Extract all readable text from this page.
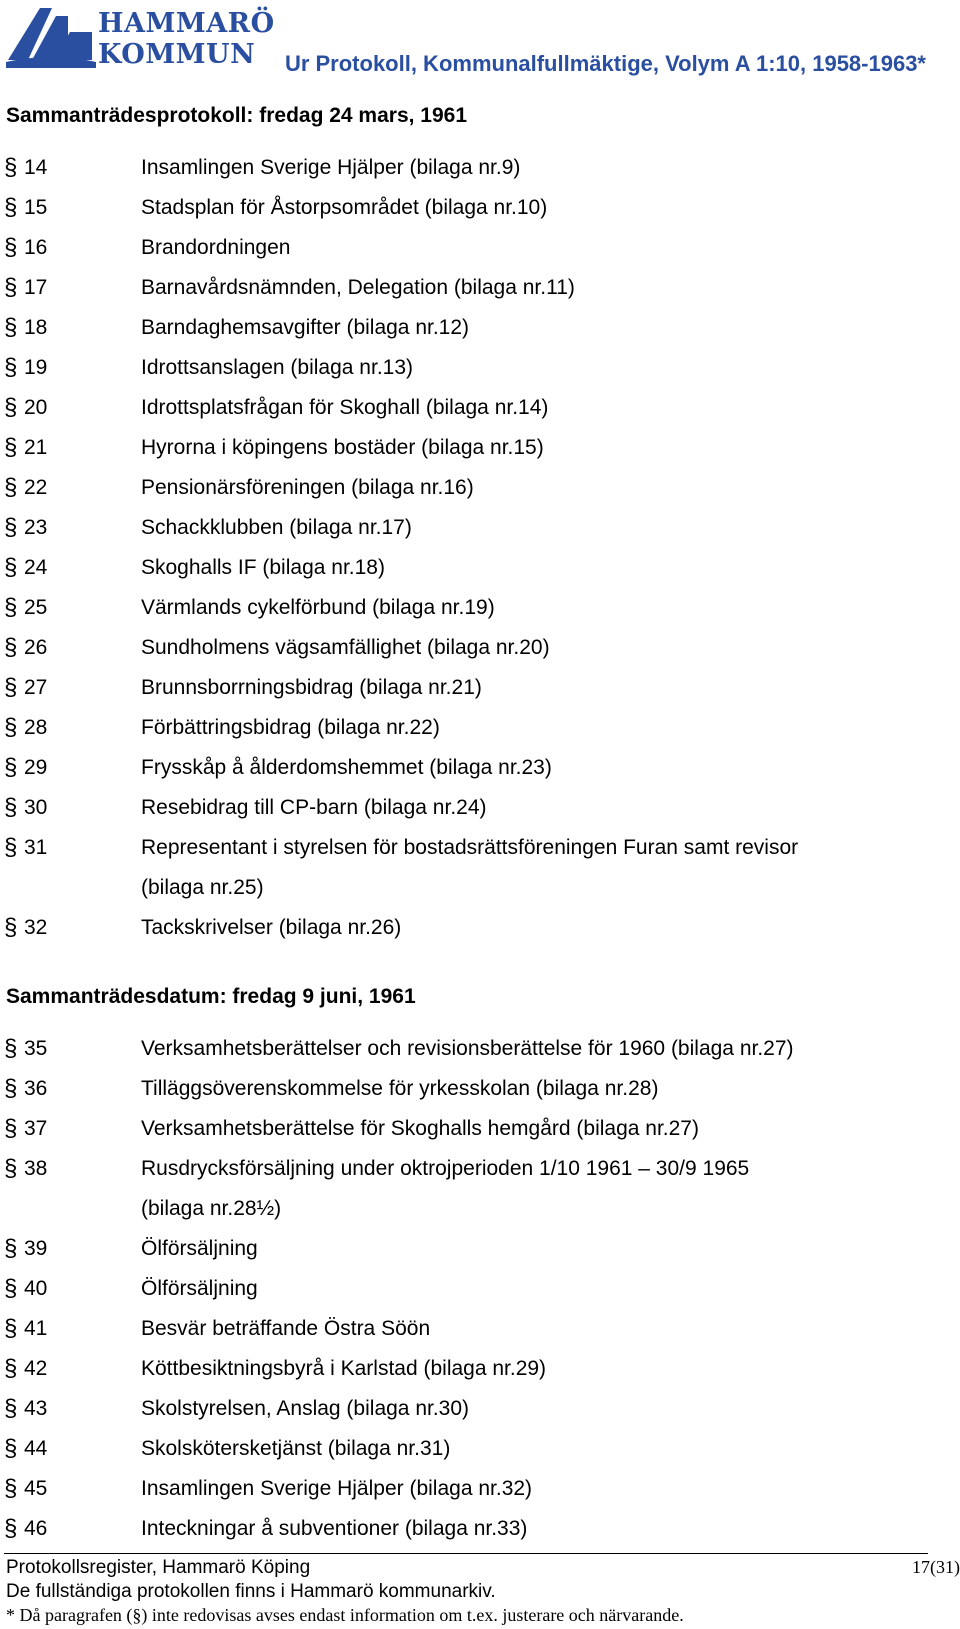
HAMMARÖ
KOMMUN	Ur Protokoll, Kommunalfullmäktige, Volym A 1:10, 1958-1963*
Sammanträdesprotokoll: fredag 24 mars, 1961
§ 14	Insamlingen Sverige Hjälper (bilaga nr.9)
§ 15	Stadsplan för Åstorpsområdet (bilaga nr.10)
§ 16	Brandordningen
§ 17	Barnavårdsnämnden, Delegation (bilaga nr.11)
§ 18	Barndaghemsavgifter (bilaga nr.12)
§ 19	Idrottsanslagen (bilaga nr.13)
§ 20	Idrottsplatsfrågan för Skoghall (bilaga nr.14)
§ 21	Hyrorna i köpingens bostäder (bilaga nr.15)
§ 22	Pensionärsföreningen (bilaga nr.16)
§ 23	Schackklubben (bilaga nr.17)
§ 24	Skoghalls IF (bilaga nr.18)
§ 25	Värmlands cykelförbund (bilaga nr.19)
§ 26	Sundholmens vägsamfällighet (bilaga nr.20)
§ 27	Brunnsborrningsbidrag (bilaga nr.21)
§ 28	Förbättringsbidrag (bilaga nr.22)
§ 29	Frysskåp å ålderdomshemmet (bilaga nr.23)
§ 30	Resebidrag till CP-barn (bilaga nr.24)
§ 31	Representant i styrelsen för bostadsrättsföreningen Furan samt revisor
(bilaga nr.25)
§ 32	Tackskrivelser (bilaga nr.26)
Sammanträdesdatum: fredag 9 juni, 1961
§ 35	Verksamhetsberättelser och revisionsberättelse för 1960 (bilaga nr.27)
§ 36	Tilläggsöverenskommelse för yrkesskolan (bilaga nr.28)
§ 37	Verksamhetsberättelse för Skoghalls hemgård (bilaga nr.27)
§ 38	Rusdrycksförsäljning under oktrojperioden 1/10 1961 – 30/9 1965
(bilaga nr.28½)
§ 39	Ölförsäljning
§ 40	Ölförsäljning
§ 41	Besvär beträffande Östra Söön
§ 42	Köttbesiktningsbyrå i Karlstad (bilaga nr.29)
§ 43	Skolstyrelsen, Anslag (bilaga nr.30)
§ 44	Skolskötersketjänst (bilaga nr.31)
§ 45	Insamlingen Sverige Hjälper (bilaga nr.32)
§ 46	Inteckningar å subventioner (bilaga nr.33)
Protokollsregister, Hammarö Köping
De fullständiga protokollen finns i Hammarö kommunarkiv.
* Då paragrafen (§) inte redovisas avses endast information om t.ex. justerare och närvarande.
17(31)
